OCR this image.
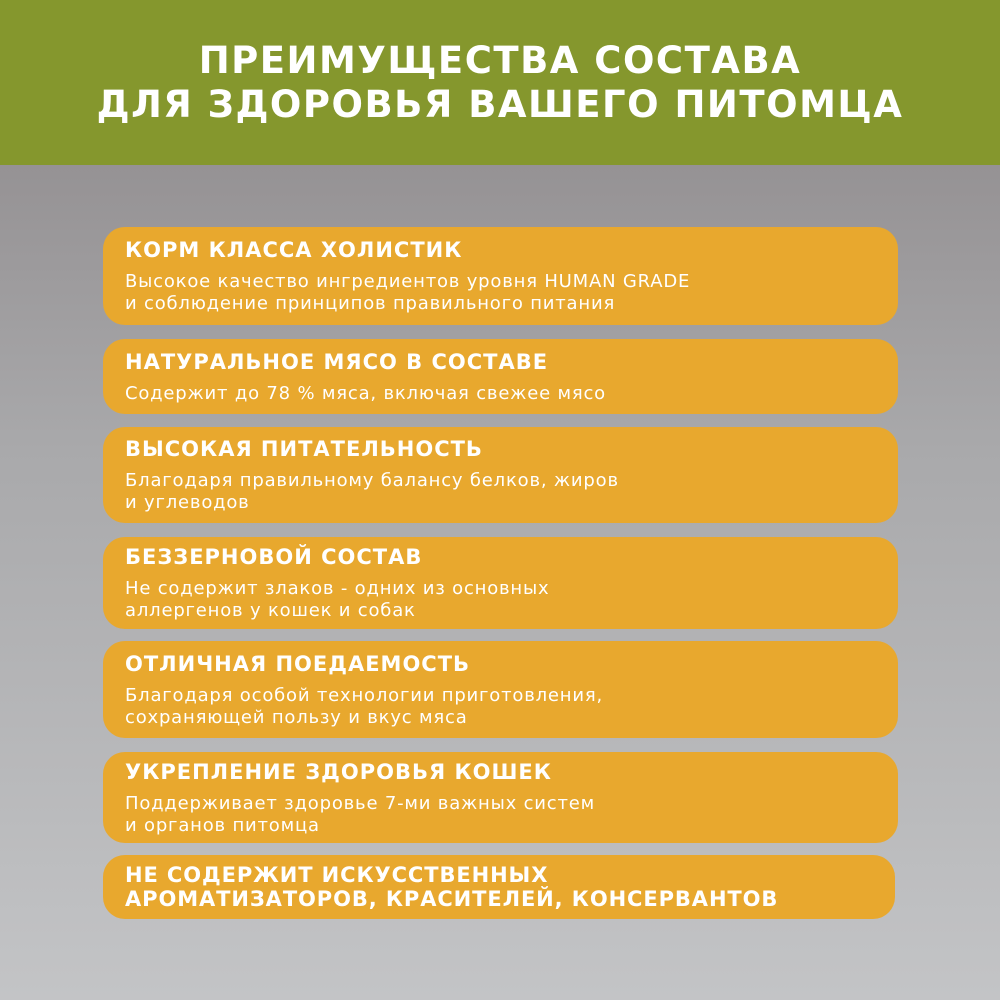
ПРЕИМУЩЕСТВА СОСТАВА
ДЛЯ ЗДОРОВЬЯ ВАШЕГО ПИТОМЦА
КОРМ КЛАССА ХОЛИСТИК
Высокое качество ингредиентов уровня HUMAN GRADE
и соблюдение принципов правильного питания
НАТУРАЛЬНОЕ МЯСО В СОСТАВЕ
Содержит до 78 % мяса, включая свежее мясо
ВЫСОКАЯ ПИТАТЕЛЬНОСТЬ
Благодаря правильному балансу белков, жиров
и углеводов
БЕЗЗЕРНОВОЙ СОСТАВ
Не содержит злаков - одних из основных
аллергенов у кошек и собак
ОТЛИЧНАЯ ПОЕДАЕМОСТЬ
Благодаря особой технологии приготовления,
сохраняющей пользу и вкус мяса
УКРЕПЛЕНИЕ ЗДОРОВЬЯ КОШЕК
Поддерживает здоровье 7-ми важных систем
и органов питомца
НЕ СОДЕРЖИТ ИСКУССТВЕННЫХ
АРОМАТИЗАТОРОВ, КРАСИТЕЛЕЙ, КОНСЕРВАНТОВ
